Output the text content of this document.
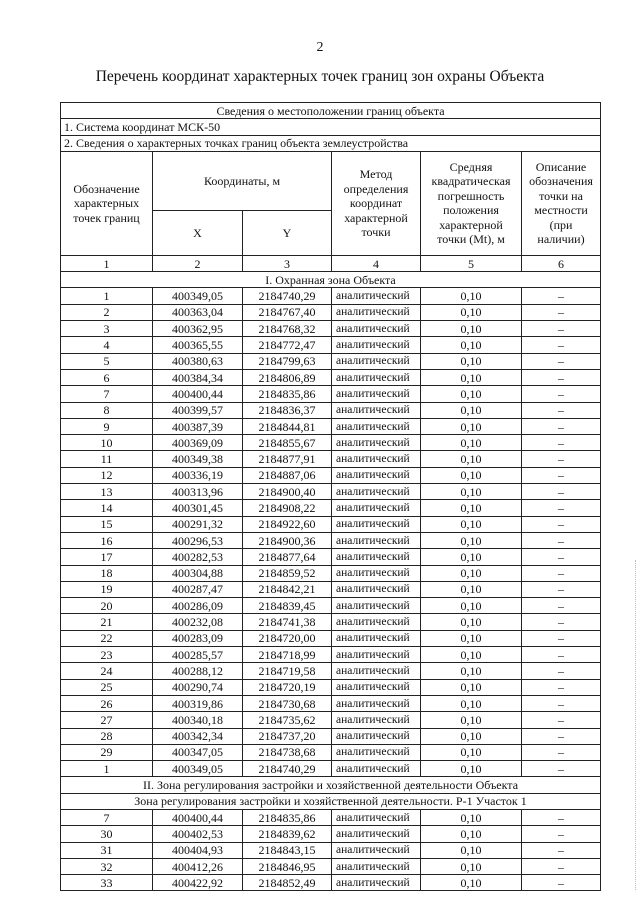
2
Перечень координат характерных точек границ зон охраны Объекта
Сведения о местоположении границ объекта					
1. Система координат МСК-50					
2. Сведения о характерных точках границ объекта землеустройства					
Обозначение характерных точек границ	Координаты, м		Метод определения координат характерной точки	Средняя квадратическая погрешность положения характерной точки (Mt), м	Описание обозначения точки на местности (при наличии)
	X	Y			
1	2	3	4	5	6
I. Охранная зона Объекта					
1	400349,05	2184740,29	аналитический	0,10	–
2	400363,04	2184767,40	аналитический	0,10	–
3	400362,95	2184768,32	аналитический	0,10	–
4	400365,55	2184772,47	аналитический	0,10	–
5	400380,63	2184799,63	аналитический	0,10	–
6	400384,34	2184806,89	аналитический	0,10	–
7	400400,44	2184835,86	аналитический	0,10	–
8	400399,57	2184836,37	аналитический	0,10	–
9	400387,39	2184844,81	аналитический	0,10	–
10	400369,09	2184855,67	аналитический	0,10	–
11	400349,38	2184877,91	аналитический	0,10	–
12	400336,19	2184887,06	аналитический	0,10	–
13	400313,96	2184900,40	аналитический	0,10	–
14	400301,45	2184908,22	аналитический	0,10	–
15	400291,32	2184922,60	аналитический	0,10	–
16	400296,53	2184900,36	аналитический	0,10	–
17	400282,53	2184877,64	аналитический	0,10	–
18	400304,88	2184859,52	аналитический	0,10	–
19	400287,47	2184842,21	аналитический	0,10	–
20	400286,09	2184839,45	аналитический	0,10	–
21	400232,08	2184741,38	аналитический	0,10	–
22	400283,09	2184720,00	аналитический	0,10	–
23	400285,57	2184718,99	аналитический	0,10	–
24	400288,12	2184719,58	аналитический	0,10	–
25	400290,74	2184720,19	аналитический	0,10	–
26	400319,86	2184730,68	аналитический	0,10	–
27	400340,18	2184735,62	аналитический	0,10	–
28	400342,34	2184737,20	аналитический	0,10	–
29	400347,05	2184738,68	аналитический	0,10	–
1	400349,05	2184740,29	аналитический	0,10	–
II. Зона регулирования застройки и хозяйственной деятельности Объекта					
Зона регулирования застройки и хозяйственной деятельности. Р-1 Участок 1					
7	400400,44	2184835,86	аналитический	0,10	–
30	400402,53	2184839,62	аналитический	0,10	–
31	400404,93	2184843,15	аналитический	0,10	–
32	400412,26	2184846,95	аналитический	0,10	–
33	400422,92	2184852,49	аналитический	0,10	–
